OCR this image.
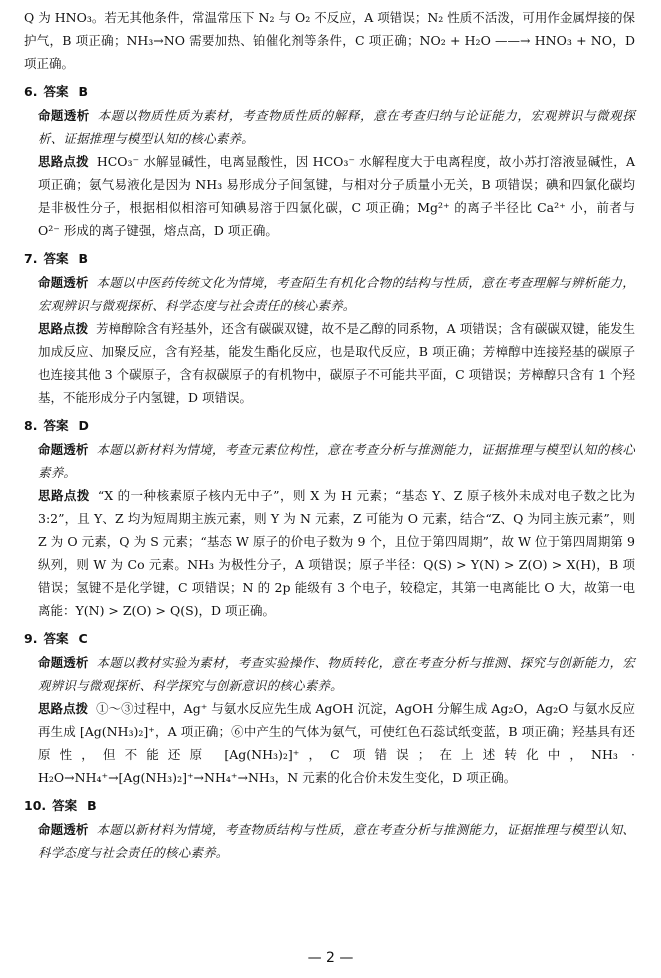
Q 为 HNO₃。若无其他条件，常温常压下 N₂ 与 O₂ 不反应，A 项错误；N₂ 性质不活泼，可用作金属焊接的保护气，B 项正确；NH₃→NO 需要加热、铂催化剂等条件，C 项正确；NO₂ + H₂O ——→ HNO₃ + NO，D 项正确。

6. 答案 B

命题透析 本题以物质性质为素材，考查物质性质的解释，意在考查归纳与论证能力，宏观辨识与微观探析、证据推理与模型认知的核心素养。

思路点拨 HCO₃⁻ 水解显碱性，电离显酸性，因 HCO₃⁻ 水解程度大于电离程度，故小苏打溶液显碱性，A 项正确；氨气易液化是因为 NH₃ 易形成分子间氢键，与相对分子质量小无关，B 项错误；碘和四氯化碳均是非极性分子，根据相似相溶可知碘易溶于四氯化碳，C 项正确；Mg²⁺ 的离子半径比 Ca²⁺ 小，前者与 O²⁻ 形成的离子键强，熔点高，D 项正确。

7. 答案 B

命题透析 本题以中医药传统文化为情境，考查陌生有机化合物的结构与性质，意在考查理解与辨析能力，宏观辨识与微观探析、科学态度与社会责任的核心素养。

思路点拨 芳樟醇除含有羟基外，还含有碳碳双键，故不是乙醇的同系物，A 项错误；含有碳碳双键，能发生加成反应、加聚反应，含有羟基，能发生酯化反应，也是取代反应，B 项正确；芳樟醇中连接羟基的碳原子也连接其他 3 个碳原子，含有叔碳原子的有机物中，碳原子不可能共平面，C 项错误；芳樟醇只含有 1 个羟基，不能形成分子内氢键，D 项错误。

8. 答案 D

命题透析 本题以新材料为情境，考查元素位构性，意在考查分析与推测能力，证据推理与模型认知的核心素养。

思路点拨 “X 的一种核素原子核内无中子”，则 X 为 H 元素；“基态 Y、Z 原子核外未成对电子数之比为 3:2”，且 Y、Z 均为短周期主族元素，则 Y 为 N 元素，Z 可能为 O 元素，结合“Z、Q 为同主族元素”，则 Z 为 O 元素，Q 为 S 元素；“基态 W 原子的价电子数为 9 个，且位于第四周期”，故 W 位于第四周期第 9 纵列，则 W 为 Co 元素。NH₃ 为极性分子，A 项错误；原子半径：Q(S) > Y(N) > Z(O) > X(H)，B 项错误；氢键不是化学键，C 项错误；N 的 2p 能级有 3 个电子，较稳定，其第一电离能比 O 大，故第一电离能：Y(N) > Z(O) > Q(S)，D 项正确。

9. 答案 C

命题透析 本题以教材实验为素材，考查实验操作、物质转化，意在考查分析与推测、探究与创新能力，宏观辨识与微观探析、科学探究与创新意识的核心素养。

思路点拨 ①～③过程中，Ag⁺ 与氨水反应先生成 AgOH 沉淀，AgOH 分解生成 Ag₂O，Ag₂O 与氨水反应再生成 [Ag(NH₃)₂]⁺，A 项正确；⑥中产生的气体为氨气，可使红色石蕊试纸变蓝，B 项正确；羟基具有还原性，但不能还原 [Ag(NH₃)₂]⁺，C 项错误；在上述转化中，NH₃ · H₂O→NH₄⁺→[Ag(NH₃)₂]⁺→NH₄⁺→NH₃，N 元素的化合价未发生变化，D 项正确。

10. 答案 B

命题透析 本题以新材料为情境，考查物质结构与性质，意在考查分析与推测能力，证据推理与模型认知、科学态度与社会责任的核心素养。

— 2 —
